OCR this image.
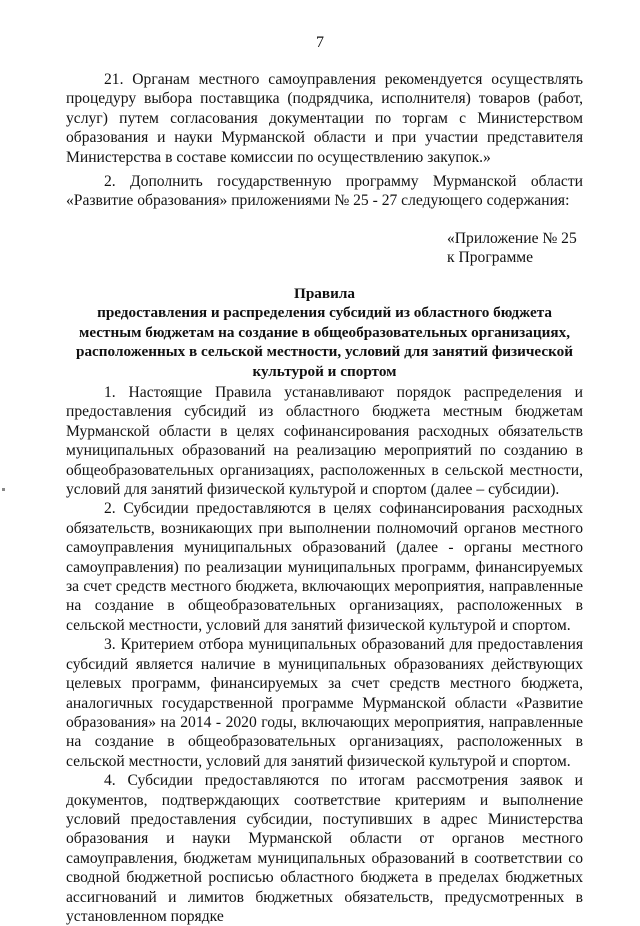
7

21. Органам местного самоуправления рекомендуется осуществлять процедуру выбора поставщика (подрядчика, исполнителя) товаров (работ, услуг) путем согласования документации по торгам с Министерством образования и науки Мурманской области и при участии представителя Министерства в составе комиссии по осуществлению закупок.»

2. Дополнить государственную программу Мурманской области «Развитие образования» приложениями № 25 - 27 следующего содержания:

«Приложение № 25
к Программе
Правила
предоставления и распределения субсидий из областного бюджета
местным бюджетам на создание в общеобразовательных организациях,
расположенных в сельской местности, условий для занятий физической
культурой и спортом

1. Настоящие Правила устанавливают порядок распределения и предоставления субсидий из областного бюджета местным бюджетам Мурманской области в целях софинансирования расходных обязательств муниципальных образований на реализацию мероприятий по созданию в общеобразовательных организациях, расположенных в сельской местности, условий для занятий физической культурой и спортом (далее – субсидии).

2. Субсидии предоставляются в целях софинансирования расходных обязательств, возникающих при выполнении полномочий органов местного самоуправления муниципальных образований (далее - органы местного самоуправления) по реализации муниципальных программ, финансируемых за счет средств местного бюджета, включающих мероприятия, направленные на создание в общеобразовательных организациях, расположенных в сельской местности, условий для занятий физической культурой и спортом.

3. Критерием отбора муниципальных образований для предоставления субсидий является наличие в муниципальных образованиях действующих целевых программ, финансируемых за счет средств местного бюджета, аналогичных государственной программе Мурманской области «Развитие образования» на 2014 - 2020 годы, включающих мероприятия, направленные на создание в общеобразовательных организациях, расположенных в сельской местности, условий для занятий физической культурой и спортом.

4. Субсидии предоставляются по итогам рассмотрения заявок и документов, подтверждающих соответствие критериям и выполнение условий предоставления субсидии, поступивших в адрес Министерства образования и науки Мурманской области от органов местного самоуправления, бюджетам муниципальных образований в соответствии со сводной бюджетной росписью областного бюджета в пределах бюджетных ассигнований и лимитов бюджетных обязательств, предусмотренных в установленном порядке
